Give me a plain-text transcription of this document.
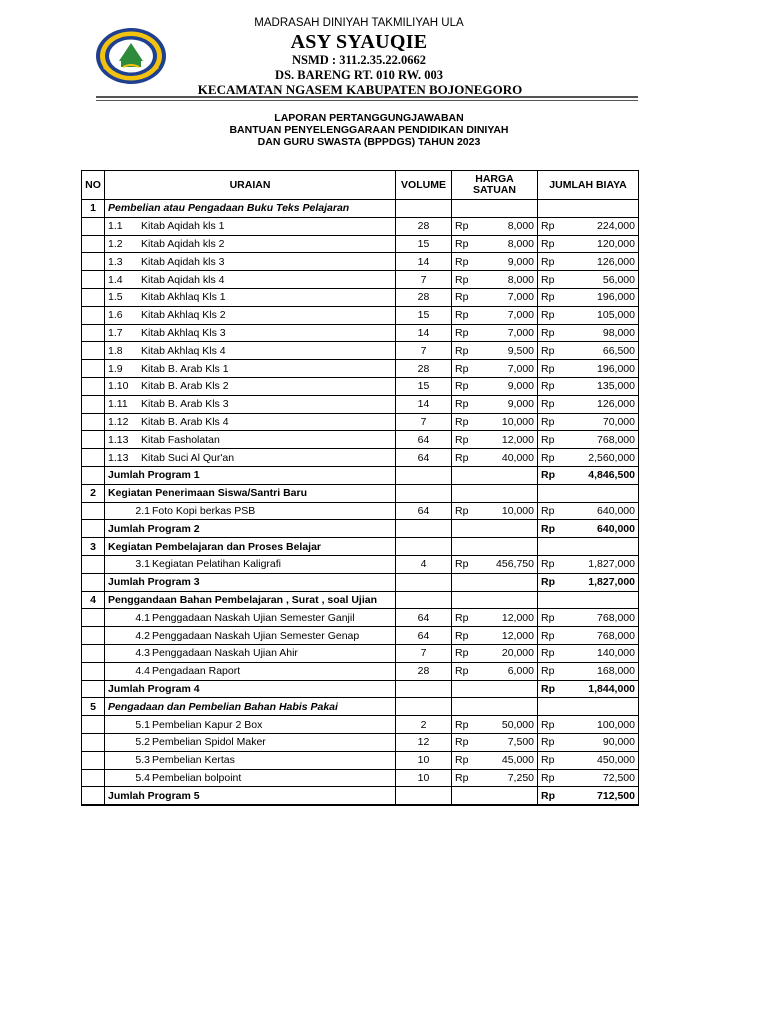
MADRASAH DINIYAH TAKMILIYAH ULA
ASY SYAUQIE
NSMD : 311.2.35.22.0662
DS. BARENG RT. 010 RW. 003
KECAMATAN NGASEM KABUPATEN BOJONEGORO
LAPORAN PERTANGGUNGJAWABAN
BANTUAN PENYELENGGARAAN PENDIDIKAN DINIYAH
DAN GURU SWASTA (BPPDGS) TAHUN 2023
NO	URAIAN	VOLUME	HARGA
SATUAN	JUMLAH BIAYA
1	Pembelian atau Pengadaan Buku Teks Pelajaran			
	1.1 Kitab Aqidah kls 1	28	Rp 8,000	Rp 224,000

	1.2 Kitab Aqidah kls 2	15	Rp 8,000	Rp 120,000

	1.3 Kitab Aqidah kls 3	14	Rp 9,000	Rp 126,000

	1.4 Kitab Aqidah kls 4	7	Rp 8,000	Rp 56,000

	1.5 Kitab Akhlaq Kls 1	28	Rp 7,000	Rp 196,000

	1.6 Kitab Akhlaq Kls 2	15	Rp 7,000	Rp 105,000

	1.7 Kitab Akhlaq Kls 3	14	Rp 7,000	Rp 98,000

	1.8 Kitab Akhlaq Kls 4	7	Rp 9,500	Rp 66,500

	1.9 Kitab B. Arab Kls 1	28	Rp 7,000	Rp 196,000

	1.10 Kitab B. Arab Kls 2	15	Rp 9,000	Rp 135,000

	1.11 Kitab B. Arab Kls 3	14	Rp 9,000	Rp 126,000

	1.12 Kitab B. Arab Kls 4	7	Rp 10,000	Rp 70,000

	1.13 Kitab Fasholatan	64	Rp 12,000	Rp 768,000

	1.13 Kitab Suci Al Qur'an	64	Rp 40,000	Rp 2,560,000

	Jumlah Program 1			Rp 4,846,500

2	Kegiatan Penerimaan Siswa/Santri Baru			
	2.1 Foto Kopi berkas PSB	64	Rp 10,000	Rp 640,000

	Jumlah Program 2			Rp 640,000

3	Kegiatan Pembelajaran dan Proses Belajar			
	3.1 Kegiatan Pelatihan Kaligrafi	4	Rp 456,750	Rp 1,827,000

	Jumlah Program 3			Rp 1,827,000

4	Penggandaan Bahan Pembelajaran , Surat , soal Ujian			
	4.1 Penggadaan Naskah Ujian Semester Ganjil	64	Rp 12,000	Rp 768,000

	4.2 Penggadaan Naskah Ujian Semester Genap	64	Rp 12,000	Rp 768,000

	4.3 Penggadaan Naskah Ujian Ahir	7	Rp 20,000	Rp 140,000

	4.4 Pengadaan Raport	28	Rp 6,000	Rp 168,000

	Jumlah Program 4			Rp 1,844,000

5	Pengadaan dan Pembelian Bahan Habis Pakai			
	5.1 Pembelian Kapur 2 Box	2	Rp 50,000	Rp 100,000

	5.2 Pembelian Spidol Maker	12	Rp 7,500	Rp 90,000

	5.3 Pembelian Kertas	10	Rp 45,000	Rp 450,000

	5.4 Pembelian bolpoint	10	Rp 7,250	Rp 72,500

	Jumlah Program 5			Rp 712,500
